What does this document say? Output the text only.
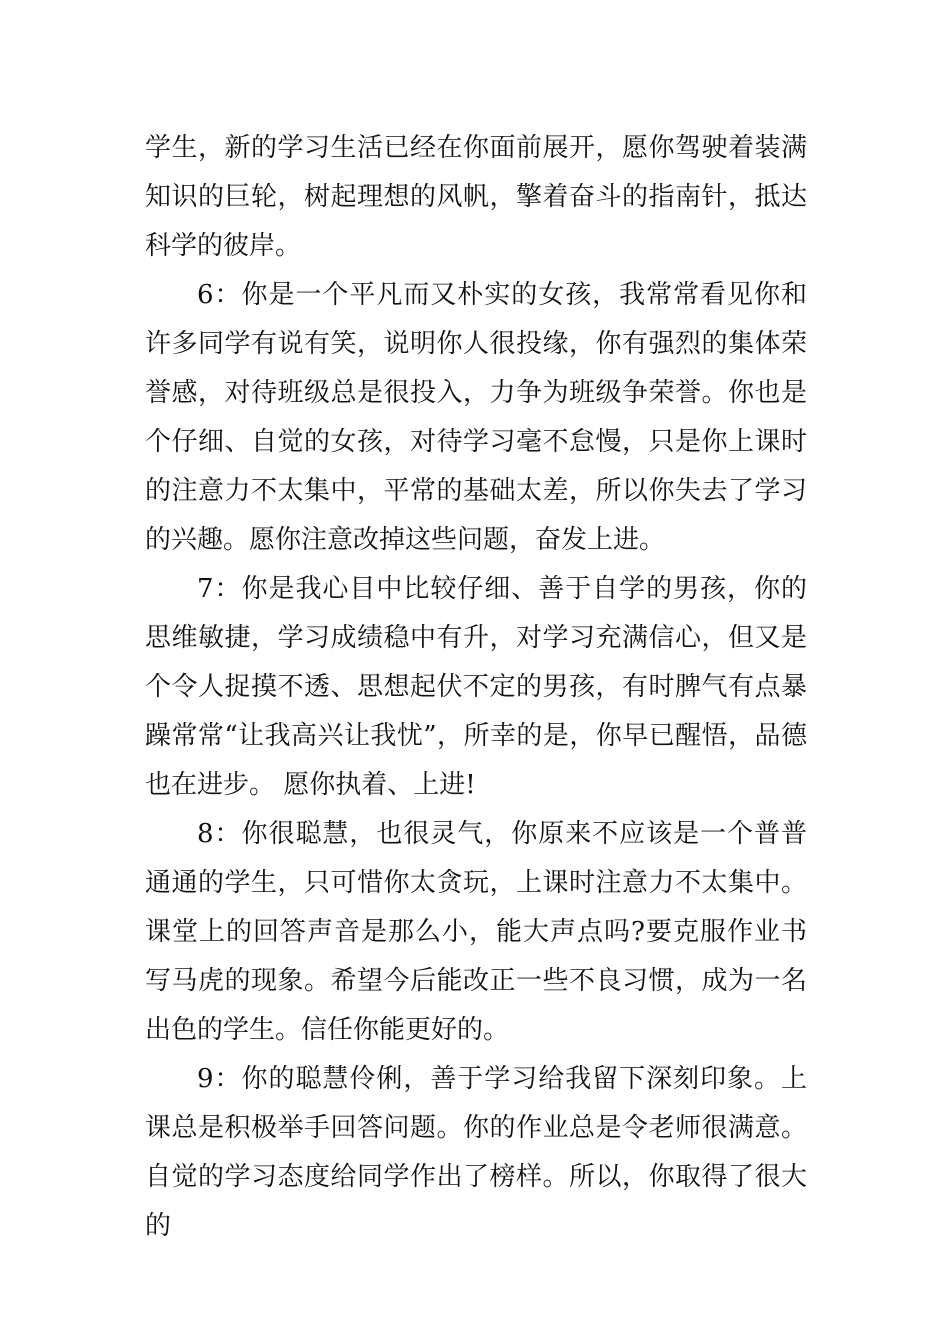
学生，新的学习生活已经在你面前展开，愿你驾驶着装满知识的巨轮，树起理想的风帆，擎着奋斗的指南针，抵达科学的彼岸。

6：你是一个平凡而又朴实的女孩，我常常看见你和许多同学有说有笑，说明你人很投缘，你有强烈的集体荣誉感，对待班级总是很投入，力争为班级争荣誉。你也是个仔细、自觉的女孩，对待学习毫不怠慢，只是你上课时的注意力不太集中，平常的基础太差，所以你失去了学习的兴趣。愿你注意改掉这些问题，奋发上进。

7：你是我心目中比较仔细、善于自学的男孩，你的思维敏捷，学习成绩稳中有升，对学习充满信心，但又是个令人捉摸不透、思想起伏不定的男孩，有时脾气有点暴躁常常“让我高兴让我忧”，所幸的是，你早已醒悟，品德也在进步。 愿你执着、上进!

8：你很聪慧，也很灵气，你原来不应该是一个普普通通的学生，只可惜你太贪玩，上课时注意力不太集中。课堂上的回答声音是那么小，能大声点吗?要克服作业书写马虎的现象。希望今后能改正一些不良习惯，成为一名出色的学生。信任你能更好的。

9：你的聪慧伶俐，善于学习给我留下深刻印象。上课总是积极举手回答问题。你的作业总是令老师很满意。自觉的学习态度给同学作出了榜样。所以，你取得了很大的
